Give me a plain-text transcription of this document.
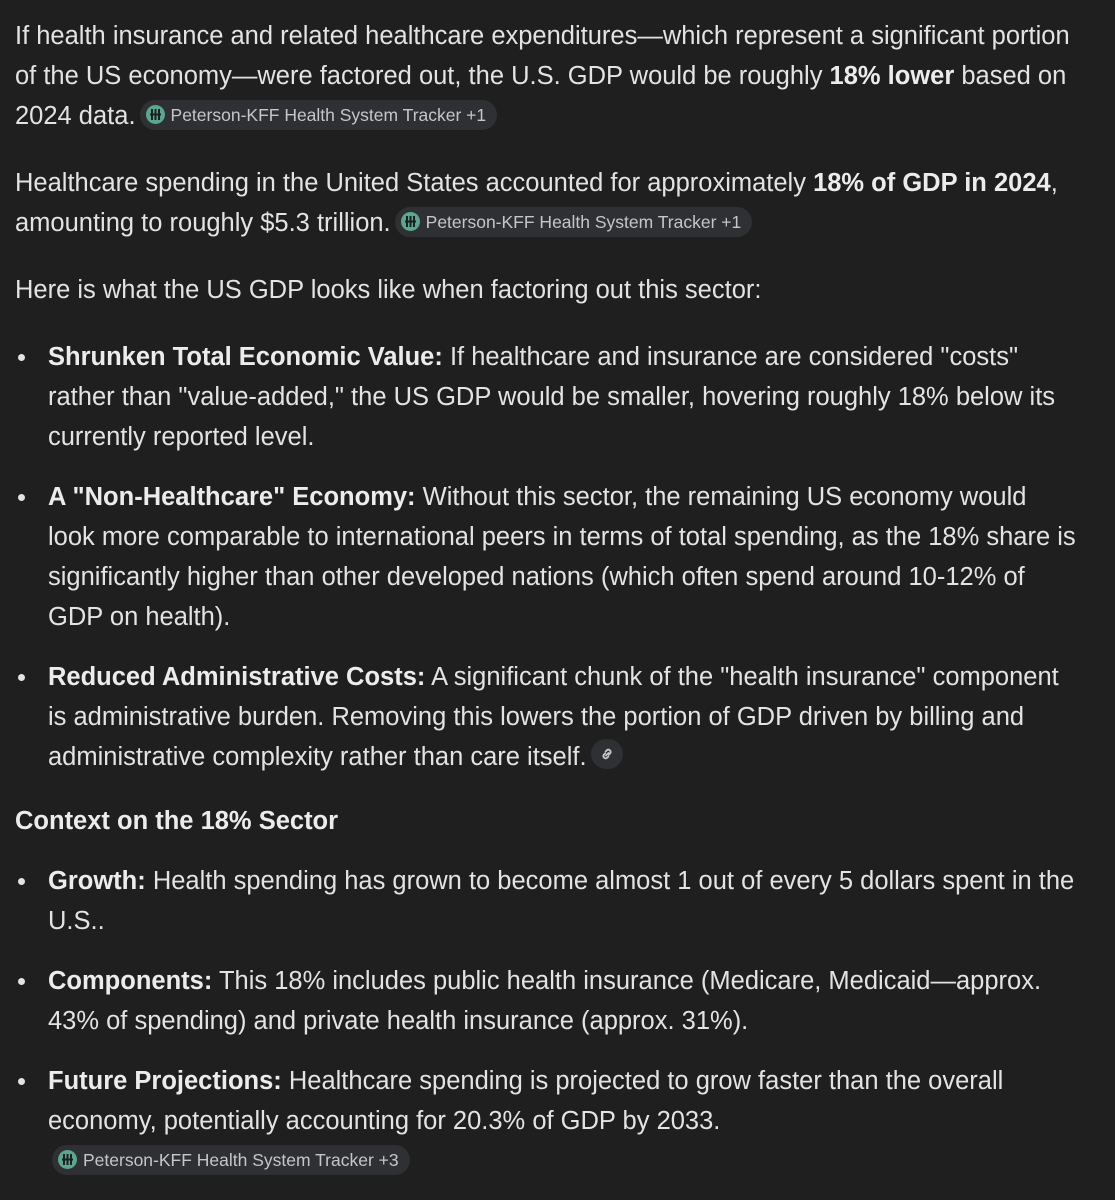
If health insurance and related healthcare expenditures—which represent a significant portion of the US economy—were factored out, the U.S. GDP would be roughly 18% lower based on 2024 data. Peterson-KFF Health System Tracker +1

Healthcare spending in the United States accounted for approximately 18% of GDP in 2024, amounting to roughly $5.3 trillion. Peterson-KFF Health System Tracker +1

Here is what the US GDP looks like when factoring out this sector:

Shrunken Total Economic Value: If healthcare and insurance are considered "costs" rather than "value-added," the US GDP would be smaller, hovering roughly 18% below its currently reported level.
A "Non-Healthcare" Economy: Without this sector, the remaining US economy would look more comparable to international peers in terms of total spending, as the 18% share is significantly higher than other developed nations (which often spend around 10-12% of GDP on health).
Reduced Administrative Costs: A significant chunk of the "health insurance" component is administrative burden. Removing this lowers the portion of GDP driven by billing and administrative complexity rather than care itself.
Context on the 18% Sector
Growth: Health spending has grown to become almost 1 out of every 5 dollars spent in the U.S..
Components: This 18% includes public health insurance (Medicare, Medicaid—approx. 43% of spending) and private health insurance (approx. 31%).
Future Projections: Healthcare spending is projected to grow faster than the overall economy, potentially accounting for 20.3% of GDP by 2033.
Peterson-KFF Health System Tracker +3
